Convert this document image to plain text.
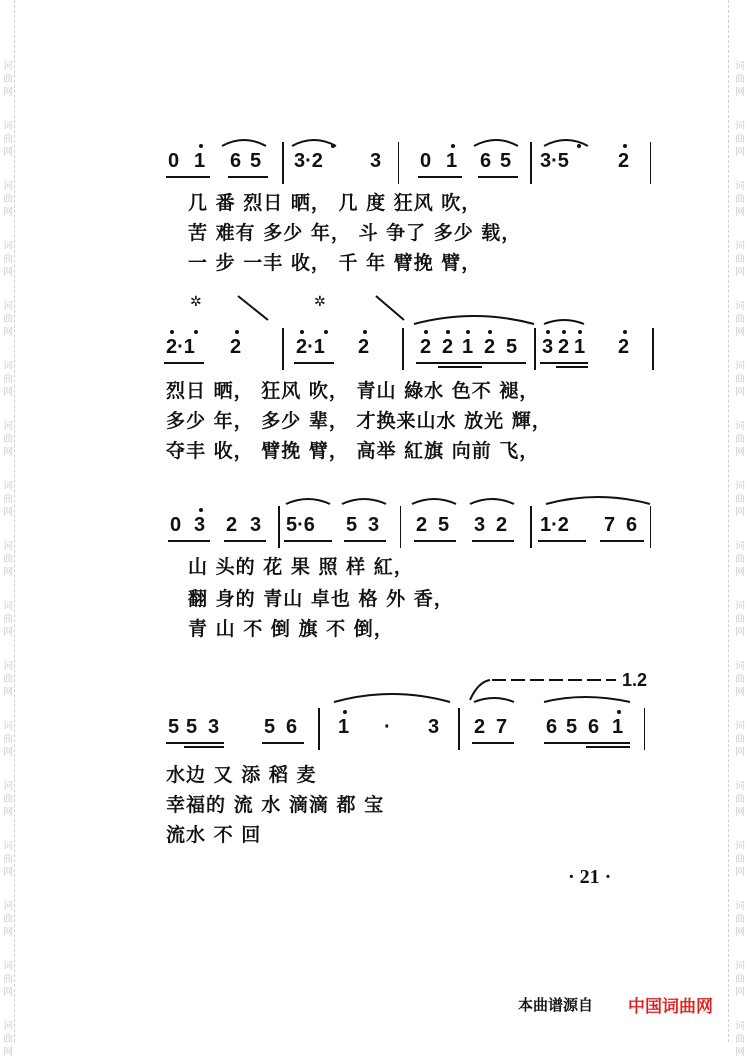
词
曲
网
词
曲
网
词
曲
网
词
曲
网
词
曲
网
词
曲
网
词
曲
网
词
曲
网
词
曲
网
词
曲
网
词
曲
网
词
曲
网
词
曲
网
词
曲
网
词
曲
网
词
曲
网
词
曲
网
词
曲
网
词
曲
网
词
曲
网
词
曲
网
词
曲
网
词
曲
网
词
曲
网
词
曲
网
词
曲
网
词
曲
网
词
曲
网
词
曲
网
词
曲
网
词
曲
网
词
曲
网
词
曲
网
词
曲
网
0 1 6 5 3·2 3 0 1 6 5 3·5 2
几 番 烈日 晒， 几 度 狂风 吹，
苦 难有 多少 年， 斗 争了 多少 载，
一 步 一丰 收， 千 年 臂挽 臂，
✲	✲
2·1 2	2·1 2	2 2 1 2 5 3 2 1 2
烈日 晒， 狂风 吹， 青山 綠水 色不 褪，
多少 年， 多少 辈， 才换来山水 放光 輝，
夺丰 收， 臂挽 臂， 高举 紅旗 向前 飞，
0 3 2 3 5·6 5 3 2 5 3 2 1·2 7 6
山 头的 花 果 照 样 紅，
翻 身的 青山 卓也 格 外 香，
青 山 不 倒 旗 不 倒，
1.2
5 5 3 5 6 1 · 3 2 7 6 5 6 1
水边 又 添 稻 麦
幸福的 流 水 滴滴 都 宝
流水 不 回
· 21 ·
本曲谱源自 中国词曲网
